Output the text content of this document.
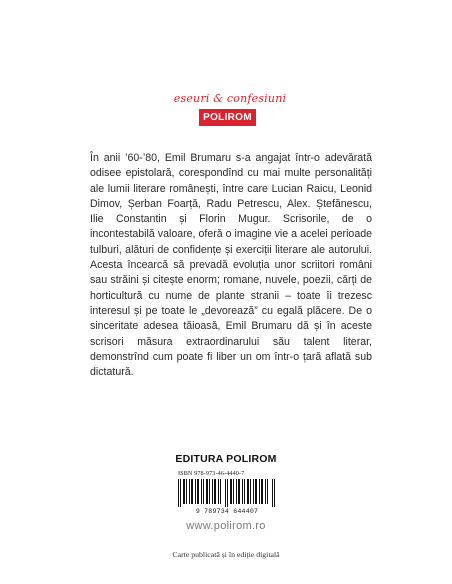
eseuri & confesiuni
POLIROM
În anii ’60-’80, Emil Brumaru s-a angajat într-o adevărată odisee epistolară, corespondînd cu mai multe personalități ale lumii literare românești, între care Lucian Raicu, Leonid Dimov, Șerban Foarță, Radu Petrescu, Alex. Ștefănescu, Ilie Constantin și Florin Mugur. Scrisorile, de o incontestabilă valoare, oferă o imagine vie a acelei perioade tulburi, alături de confidențe și exerciții literare ale autorului. Acesta încearcă să prevadă evoluția unor scriitori români sau străini și citește enorm; romane, nuvele, poezii, cărți de horticultură cu nume de plante stranii – toate îi trezesc interesul și pe toate le „devorează” cu egală plăcere. De o sinceritate adesea tăioasă, Emil Brumaru dă și în aceste scrisori măsura extraordinarului său talent literar, demonstrînd cum poate fi liber un om într-o țară aflată sub dictatură.
EDITURA POLIROM
ISBN 978-973-46-4440-7
9 789734 644407
www.polirom.ro
Carte publicată și în ediție digitală
